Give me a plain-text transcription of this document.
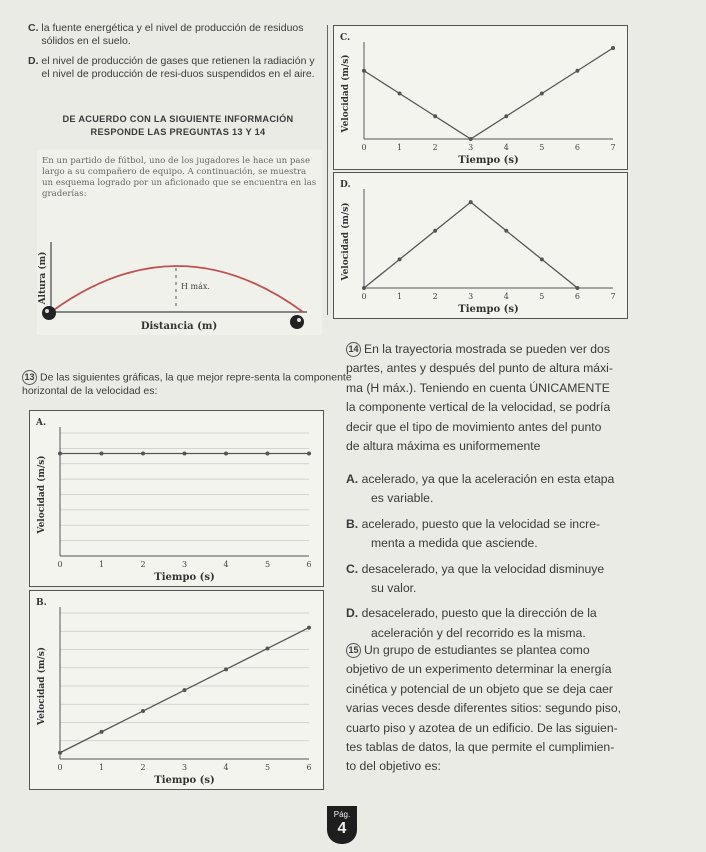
C. la fuente energética y el nivel de producción de residuos sólidos en el suelo.
D. el nivel de producción de gases que retienen la radiación y el nivel de producción de resi-duos suspendidos en el aire.
DE ACUERDO CON LA SIGUIENTE INFORMACIÓN
RESPONDE LAS PREGUNTAS 13 Y 14
En un partido de fútbol, uno de los jugadores le hace un pase largo a su compañero de equipo. A continuación, se muestra un esquema logrado por un aficionado que se encuentra en las graderías:
Altura (m)	H máx.
Distancia (m)
13 De las siguientes gráficas, la que mejor repre-senta la componente horizontal de la velocidad es:
A.
0	1	2	3	4	5	6
Tiempo (s)
Velocidad (m/s)
B.
0	1	2	3	4	5	6
Tiempo (s)
Velocidad (m/s)
C.
0	1	2	3	4	5	6	7
Tiempo (s)
Velocidad (m/s)
D.
0	1	2	3	4	5	6	7
Tiempo (s)
Velocidad (m/s)
14 En la trayectoria mostrada se pueden ver dos
partes, antes y después del punto de altura máxi-
ma (H máx.). Teniendo en cuenta ÚNICAMENTE
la componente vertical de la velocidad, se podría
decir que el tipo de movimiento antes del punto
de altura máxima es uniformemente
A. acelerado, ya que la aceleración en esta etapa
es variable.
B. acelerado, puesto que la velocidad se incre-
menta a medida que asciende.
C. desacelerado, ya que la velocidad disminuye
su valor.
D. desacelerado, puesto que la dirección de la
aceleración y del recorrido es la misma.
15 Un grupo de estudiantes se plantea como
objetivo de un experimento determinar la energía
cinética y potencial de un objeto que se deja caer
varias veces desde diferentes sitios: segundo piso,
cuarto piso y azotea de un edificio. De las siguien-
tes tablas de datos, la que permite el cumplimien-
to del objetivo es:
Pág.
4
